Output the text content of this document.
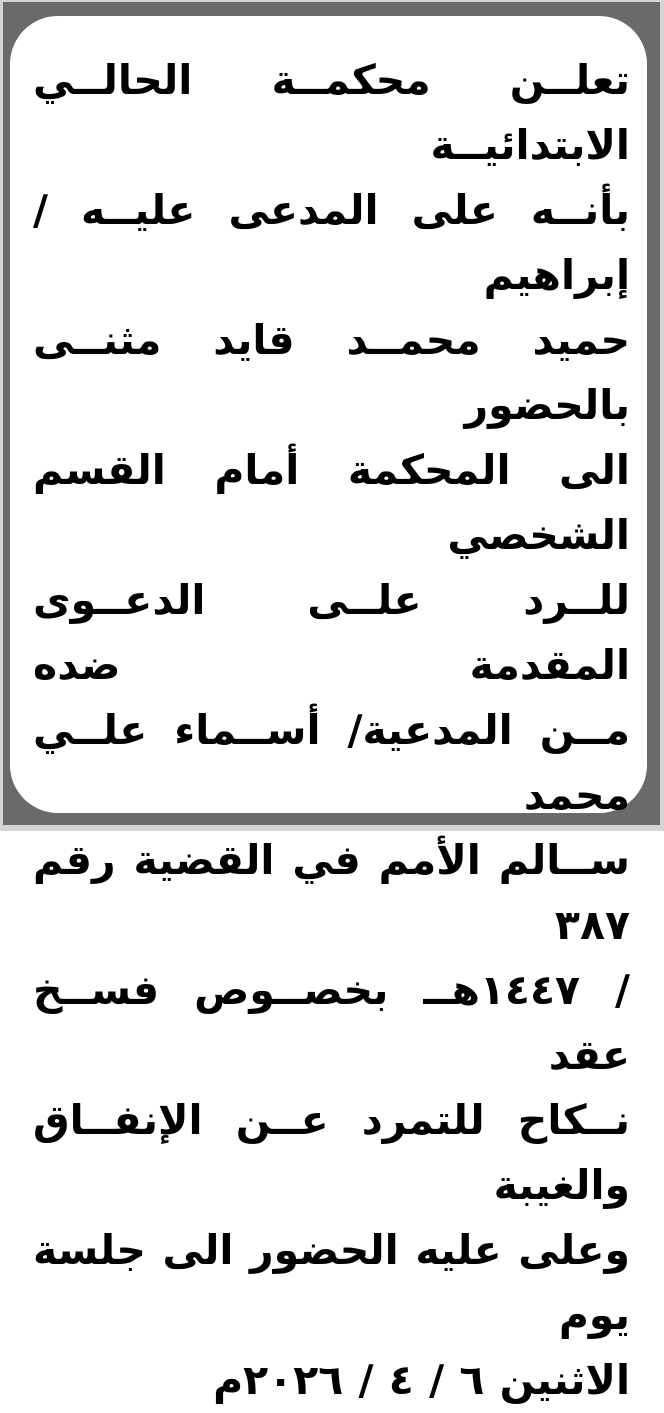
تعلــن محكمــة الحالــي الابتدائيــة
بأنــه على المدعى عليــه / إبراهيم
حميد محمــد قايد مثنــى بالحضور
الى المحكمة أمام القسم الشخصي
للــرد علــى الدعــوى المقدمة ضده
مــن المدعية/ أســماء علــي محمد
ســالم الأمم في القضية رقم ٣٨٧
/ ١٤٤٧هــ بخصــوص فســخ عقد
نــكاح للتمرد عــن الإنفــاق والغيبة
وعلى عليه الحضور الى جلسة يوم
الاثنين ٦ / ٤ / ٢٠٢٦م
